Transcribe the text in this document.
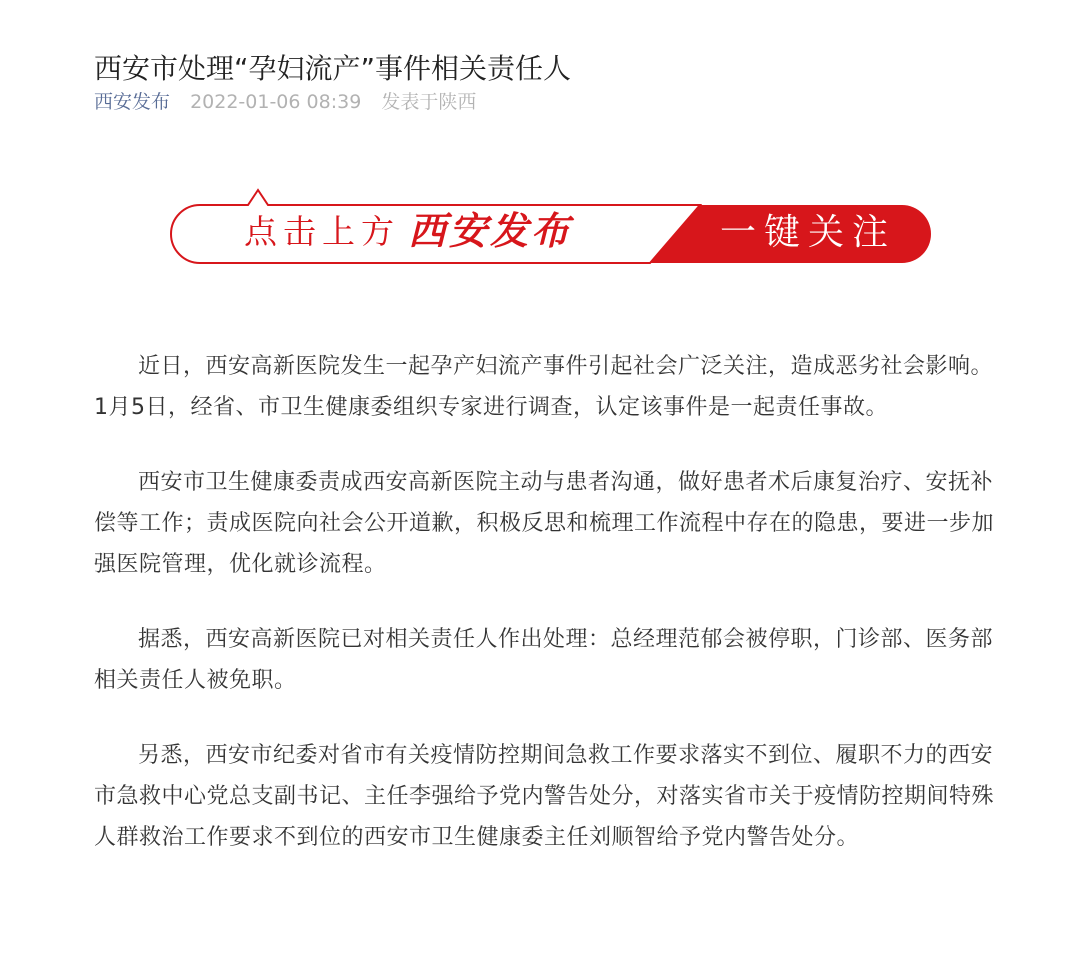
西安市处理“孕妇流产”事件相关责任人
西安发布 2022-01-06 08:39 发表于陕西
点击上方 西安发布	一键关注

近日，西安高新医院发生一起孕产妇流产事件引起社会广泛关注，造成恶劣社会影响。1月5日，经省、市卫生健康委组织专家进行调查，认定该事件是一起责任事故。

西安市卫生健康委责成西安高新医院主动与患者沟通，做好患者术后康复治疗、安抚补偿等工作；责成医院向社会公开道歉，积极反思和梳理工作流程中存在的隐患，要进一步加强医院管理，优化就诊流程。

据悉，西安高新医院已对相关责任人作出处理：总经理范郁会被停职，门诊部、医务部相关责任人被免职。

另悉，西安市纪委对省市有关疫情防控期间急救工作要求落实不到位、履职不力的西安市急救中心党总支副书记、主任李强给予党内警告处分，对落实省市关于疫情防控期间特殊人群救治工作要求不到位的西安市卫生健康委主任刘顺智给予党内警告处分。
